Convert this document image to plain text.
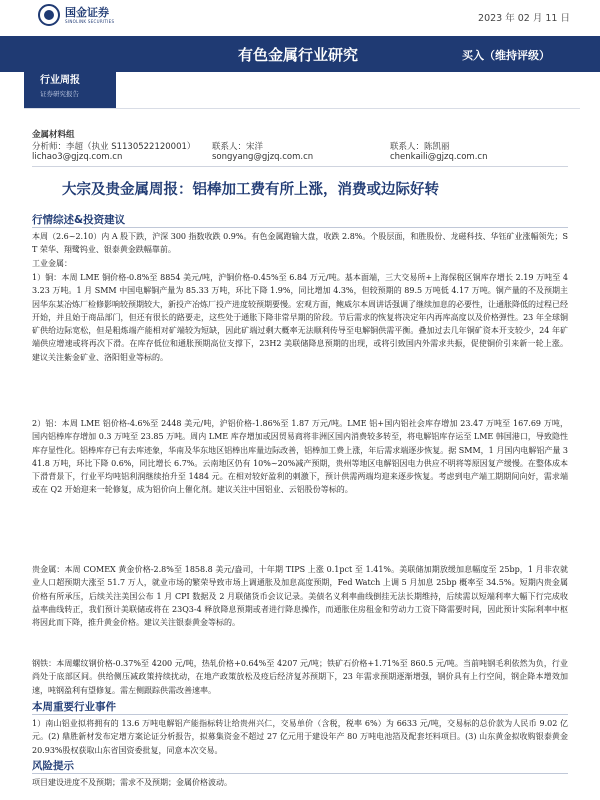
国金证券
SINOLINK SECURITIES	2023 年 02 月 11 日
有色金属行业研究	买入（维持评级）
行业周报
证券研究报告
金属材料组
分析师：李超（执业 S1130522120001）
lichao3@gjzq.com.cn
联系人：宋洋
songyang@gjzq.com.cn
联系人：陈凯丽
chenkaili@gjzq.com.cn
大宗及贵金属周报：铝棒加工费有所上涨，消费或边际好转
行情综述&投资建议
本周（2.6~2.10）内 A 股下跌，沪深 300 指数收跌 0.9%。有色金属跑输大盘，收跌 2.8%。个股层面，和胜股份、龙磁科技、华钰矿业涨幅领先；ST 荣华、翔鹭钨业、银泰黄金跌幅靠前。
工业金属：
1）铜：本周 LME 铜价格-0.8%至 8854 美元/吨，沪铜价格-0.45%至 6.84 万元/吨。基本面端，三大交易所+上海保税区铜库存增长 2.19 万吨至 43.23 万吨。1 月 SMM 中国电解铜产量为 85.33 万吨，环比下降 1.9%，同比增加 4.3%，但较预期的 89.5 万吨低 4.17 万吨。铜产量的不及预期主因华东某冶炼厂检修影响较预期较大，新投产冶炼厂投产进度较预期要慢。宏观方面，鲍威尔本周讲话强调了继续加息的必要性，让通胀降低的过程已经开始，并且始于商品部门，但还有很长的路要走，这些处于通胀下降非常早期的阶段。节后需求的恢复将决定年内再库高度以及价格弹性。23 年全球铜矿供给边际宽松，但是粗炼端产能相对矿端较为短缺，因此矿端过剩大概率无法顺利传导至电解铜供需平衡。叠加过去几年铜矿资本开支较少，24 年矿端供应增速或将再次下滑。在库存低位和通胀预期高位支撑下，23H2 美联储降息预期的出现，或将引致国内外需求共振，促使铜价引来新一轮上涨。建议关注紫金矿业、洛阳钼业等标的。
2）铝：本周 LME 铝价格-4.6%至 2448 美元/吨，沪铝价格-1.86%至 1.87 万元/吨。LME 铝+国内铝社会库存增加 23.47 万吨至 167.69 万吨，国内铝棒库存增加 0.3 万吨至 23.85 万吨。周内 LME 库存增加或因贸易商将非洲区国内消费较多转至，将电解铝库存运至 LME 韩国港口，导致隐性库存显性化。铝棒库存已有去库迹象，华南及华东地区铝棒出库量边际改善，铝棒加工费上涨，年后需求端逐步恢复。据 SMM，1 月国内电解铝产量 341.8 万吨，环比下降 0.6%，同比增长 6.7%。云南地区仍有 10%~20%减产预期，贵州等地区电解铝因电力供应不明将等原因复产缓慢。在整体成本下滑背景下，行业平均吨铝利润继续抬升至 1484 元。在相对较好盈利的刺激下，预计供需两端均迎来逐步恢复。考虑到电产端工期期间向好，需求端或在 Q2 开始迎来一轮修复，成为铝价向上催化剂。建议关注中国铝业、云铝股份等标的。
贵金属：本周 COMEX 黄金价格-2.8%至 1858.8 美元/盎司，十年期 TIPS 上涨 0.1pct 至 1.41%。美联储加期放缓加息幅度至 25bp，1 月非农就业人口超预期大涨至 51.7 万人，就业市场的繁荣导致市场上调通胀及加息高度预期，Fed Watch 上调 5 月加息 25bp 概率至 34.5%。短期内贵金属价格有所承压，后续关注美国公布 1 月 CPI 数据及 2 月联储货币会议记录。美债名义利率曲线倒挂无法长期维持，后续需以短端利率大幅下行完成收益率曲线转正，我们预计美联储或将在 23Q3-4 释放降息预期或者进行降息操作，而通胀住房租金和劳动力工资下降需要时间，因此预计实际利率中枢将因此而下降，推升黄金价格。建议关注银泰黄金等标的。
钢铁：本周螺纹钢价格-0.37%至 4200 元/吨，热轧价格+0.64%至 4207 元/吨；铁矿石价格+1.71%至 860.5 元/吨。当前吨钢毛利依然为负，行业尚处于底部区间。供给侧压减政策持续扰动，在地产政策放松及疫后经济复苏预期下，23 年需求预期逐渐增强，钢价具有上行空间，钢企降本增效加速，吨钢盈利有望修复。需左侧跟踪供需改善速率。
本周重要行业事件
1）南山铝业拟将拥有的 13.6 万吨电解铝产能指标转让给贵州兴仁，交易单价（含税，税率 6%）为 6633 元/吨，交易标的总价款为人民币 9.02 亿元。(2) 鼎胜新材发布定增方案论证分析报告，拟募集资金不超过 27 亿元用于建设年产 80 万吨电池箔及配套坯料项目。(3) 山东黄金拟收购银泰黄金 20.93%股权获取山东省国资委批复，同意本次交易。
风险提示
项目建设进度不及预期；需求不及预期；金属价格波动。
